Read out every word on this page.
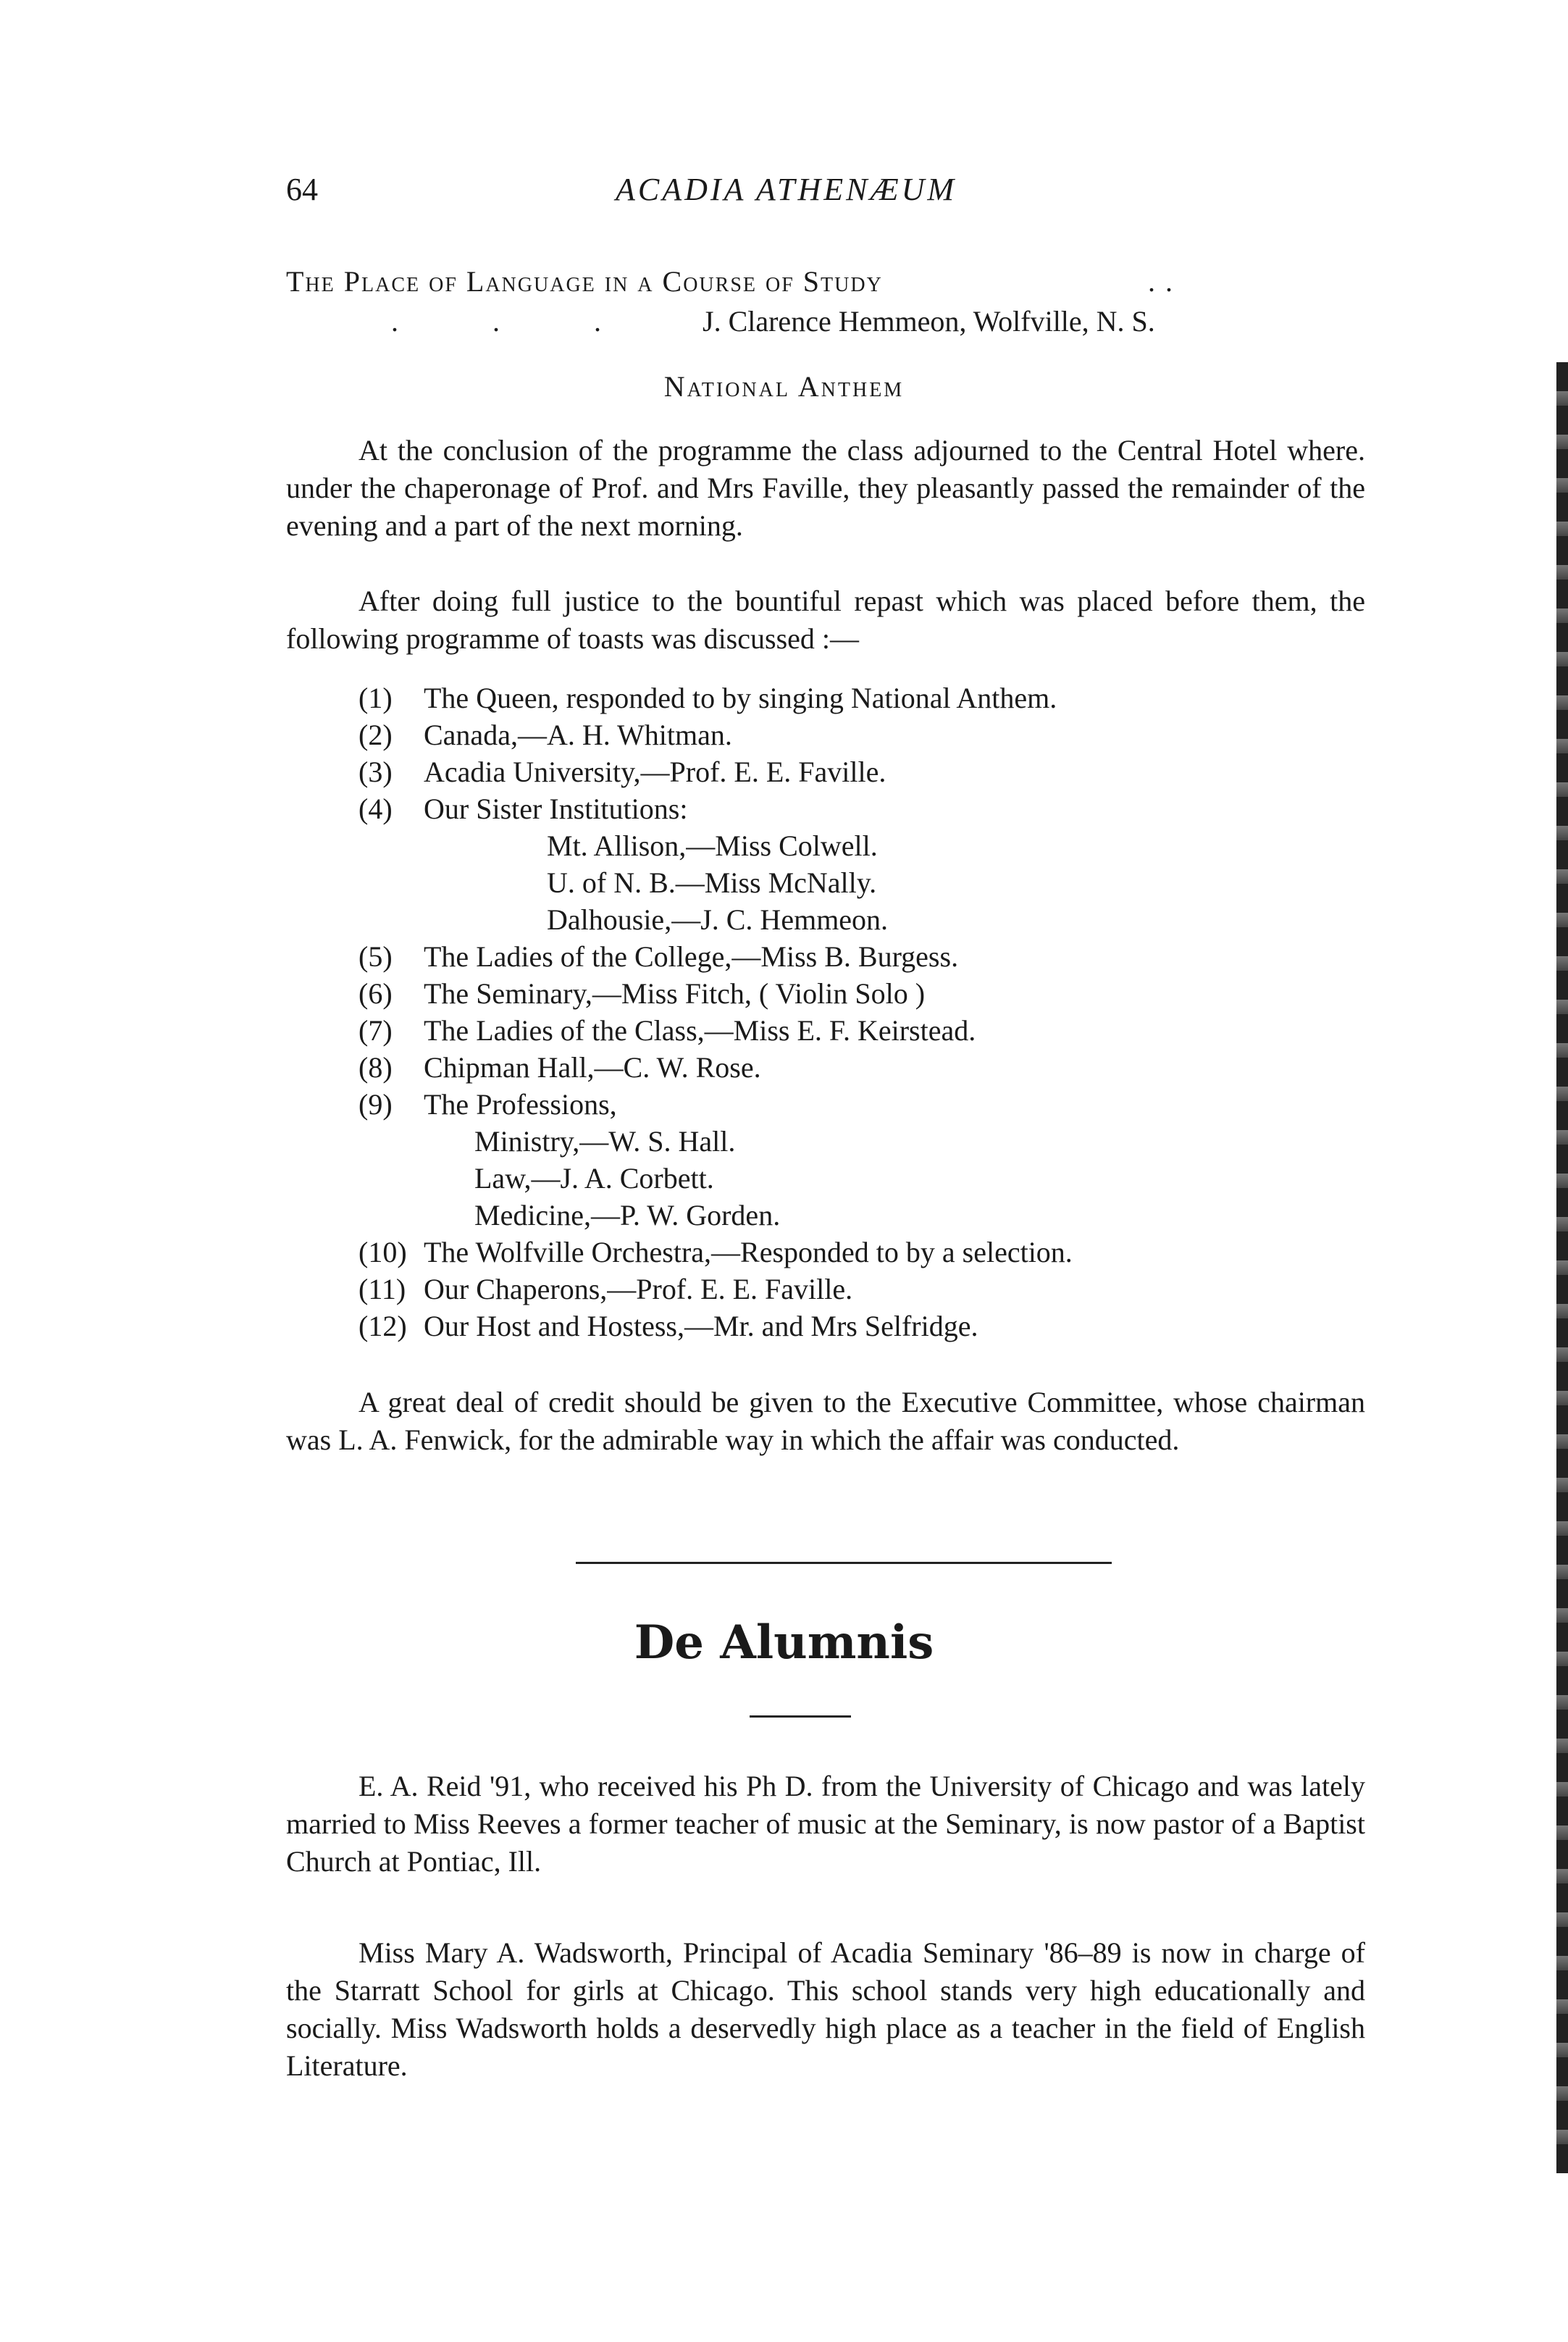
64	ACADIA ATHENÆUM
The Place of Language in a Course of Study	. .
. . . J. Clarence Hemmeon, Wolfville, N. S.
National Anthem
At the conclusion of the programme the class adjourned to the Central Hotel where. under the chaperonage of Prof. and Mrs Faville, they pleasantly passed the remainder of the evening and a part of the next morning.
After doing full justice to the bountiful repast which was placed before them, the following programme of toasts was discussed :—
(1) The Queen, responded to by singing National Anthem.
(2) Canada,—A. H. Whitman.
(3) Acadia University,—Prof. E. E. Faville.
(4) Our Sister Institutions:
Mt. Allison,—Miss Colwell.
U. of N. B.—Miss McNally.
Dalhousie,—J. C. Hemmeon.
(5) The Ladies of the College,—Miss B. Burgess.
(6) The Seminary,—Miss Fitch, ( Violin Solo )
(7) The Ladies of the Class,—Miss E. F. Keirstead.
(8) Chipman Hall,—C. W. Rose.
(9) The Professions,
Ministry,—W. S. Hall.
Law,—J. A. Corbett.
Medicine,—P. W. Gorden.
(10) The Wolfville Orchestra,—Responded to by a selection.
(11) Our Chaperons,—Prof. E. E. Faville.
(12) Our Host and Hostess,—Mr. and Mrs Selfridge.
A great deal of credit should be given to the Executive Committee, whose chairman was L. A. Fenwick, for the admirable way in which the affair was conducted.
De Alumnis
E. A. Reid '91, who received his Ph D. from the University of Chicago and was lately married to Miss Reeves a former teacher of music at the Seminary, is now pastor of a Baptist Church at Pontiac, Ill.
Miss Mary A. Wadsworth, Principal of Acadia Seminary '86–89 is now in charge of the Starratt School for girls at Chicago. This school stands very high educationally and socially. Miss Wadsworth holds a deservedly high place as a teacher in the field of English Literature.
